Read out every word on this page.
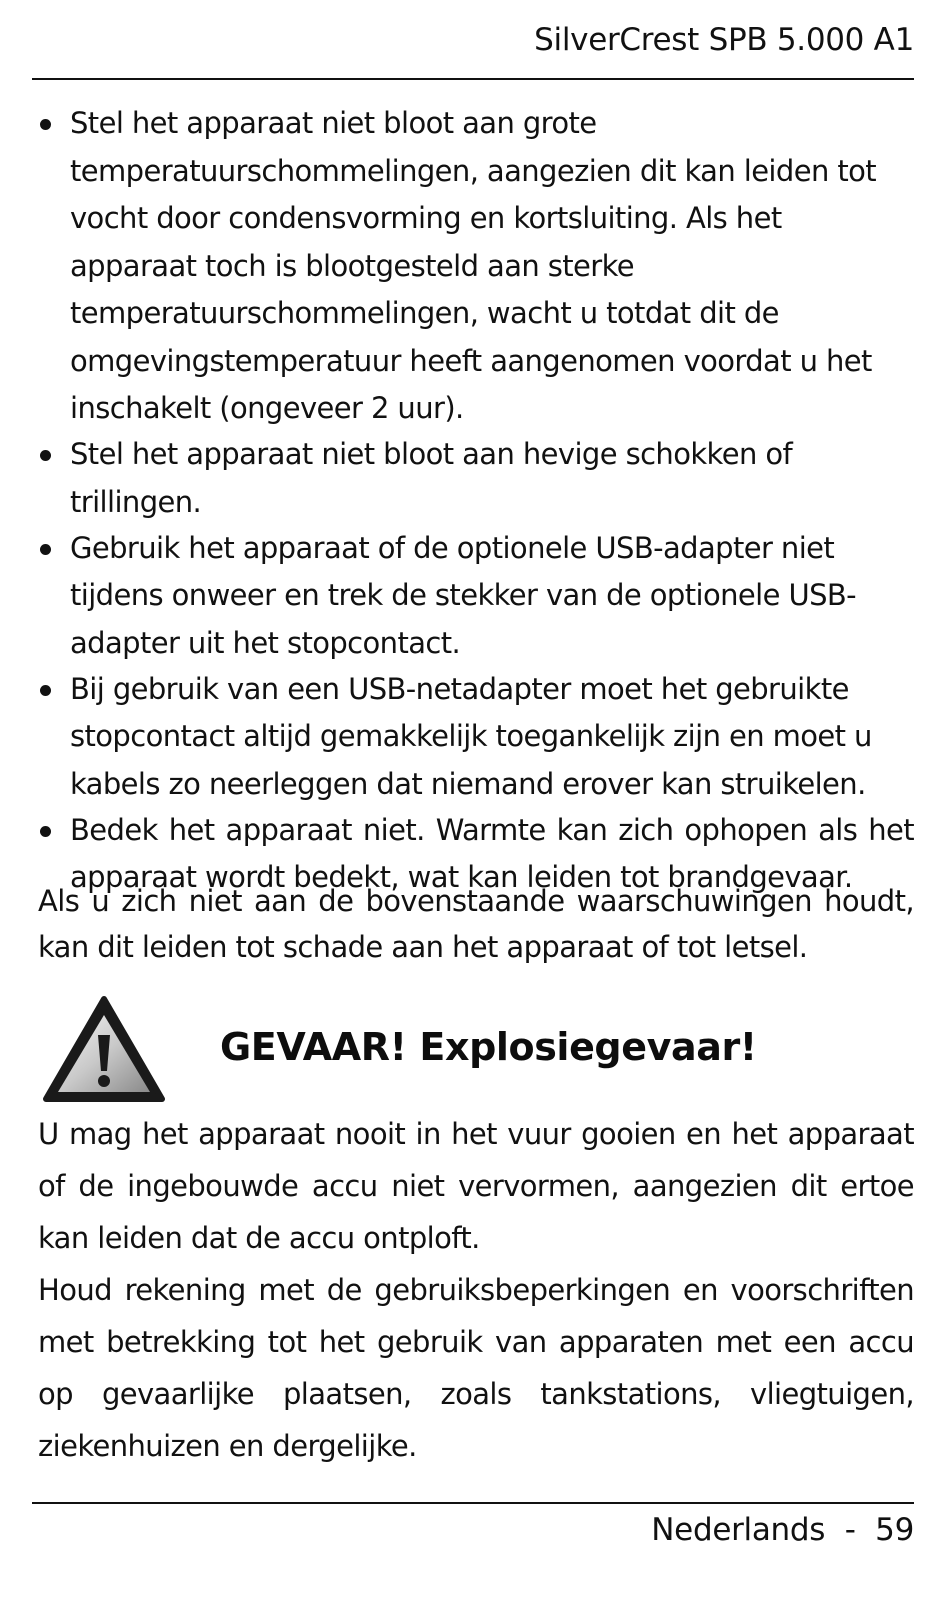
SilverCrest SPB 5.000 A1
Stel het apparaat niet bloot aan grote temperatuurschommelingen, aangezien dit kan leiden tot vocht door condensvorming en kortsluiting. Als het apparaat toch is blootgesteld aan sterke temperatuurschommelingen, wacht u totdat dit de omgevingstemperatuur heeft aangenomen voordat u het inschakelt (ongeveer 2 uur).
Stel het apparaat niet bloot aan hevige schokken of trillingen.
Gebruik het apparaat of de optionele USB-adapter niet tijdens onweer en trek de stekker van de optionele USB-adapter uit het stopcontact.
Bij gebruik van een USB-netadapter moet het gebruikte stopcontact altijd gemakkelijk toegankelijk zijn en moet u kabels zo neerleggen dat niemand erover kan struikelen.
Bedek het apparaat niet. Warmte kan zich ophopen als het apparaat wordt bedekt, wat kan leiden tot brandgevaar.

Als u zich niet aan de bovenstaande waarschuwingen houdt, kan dit leiden tot schade aan het apparaat of tot letsel.

GEVAAR! Explosiegevaar!

U mag het apparaat nooit in het vuur gooien en het apparaat of de ingebouwde accu niet vervormen, aangezien dit ertoe kan leiden dat de accu ontploft.

Houd rekening met de gebruiksbeperkingen en voorschriften met betrekking tot het gebruik van apparaten met een accu op gevaarlijke plaatsen, zoals tankstations, vliegtuigen, ziekenhuizen en dergelijke.

Nederlands - 59
